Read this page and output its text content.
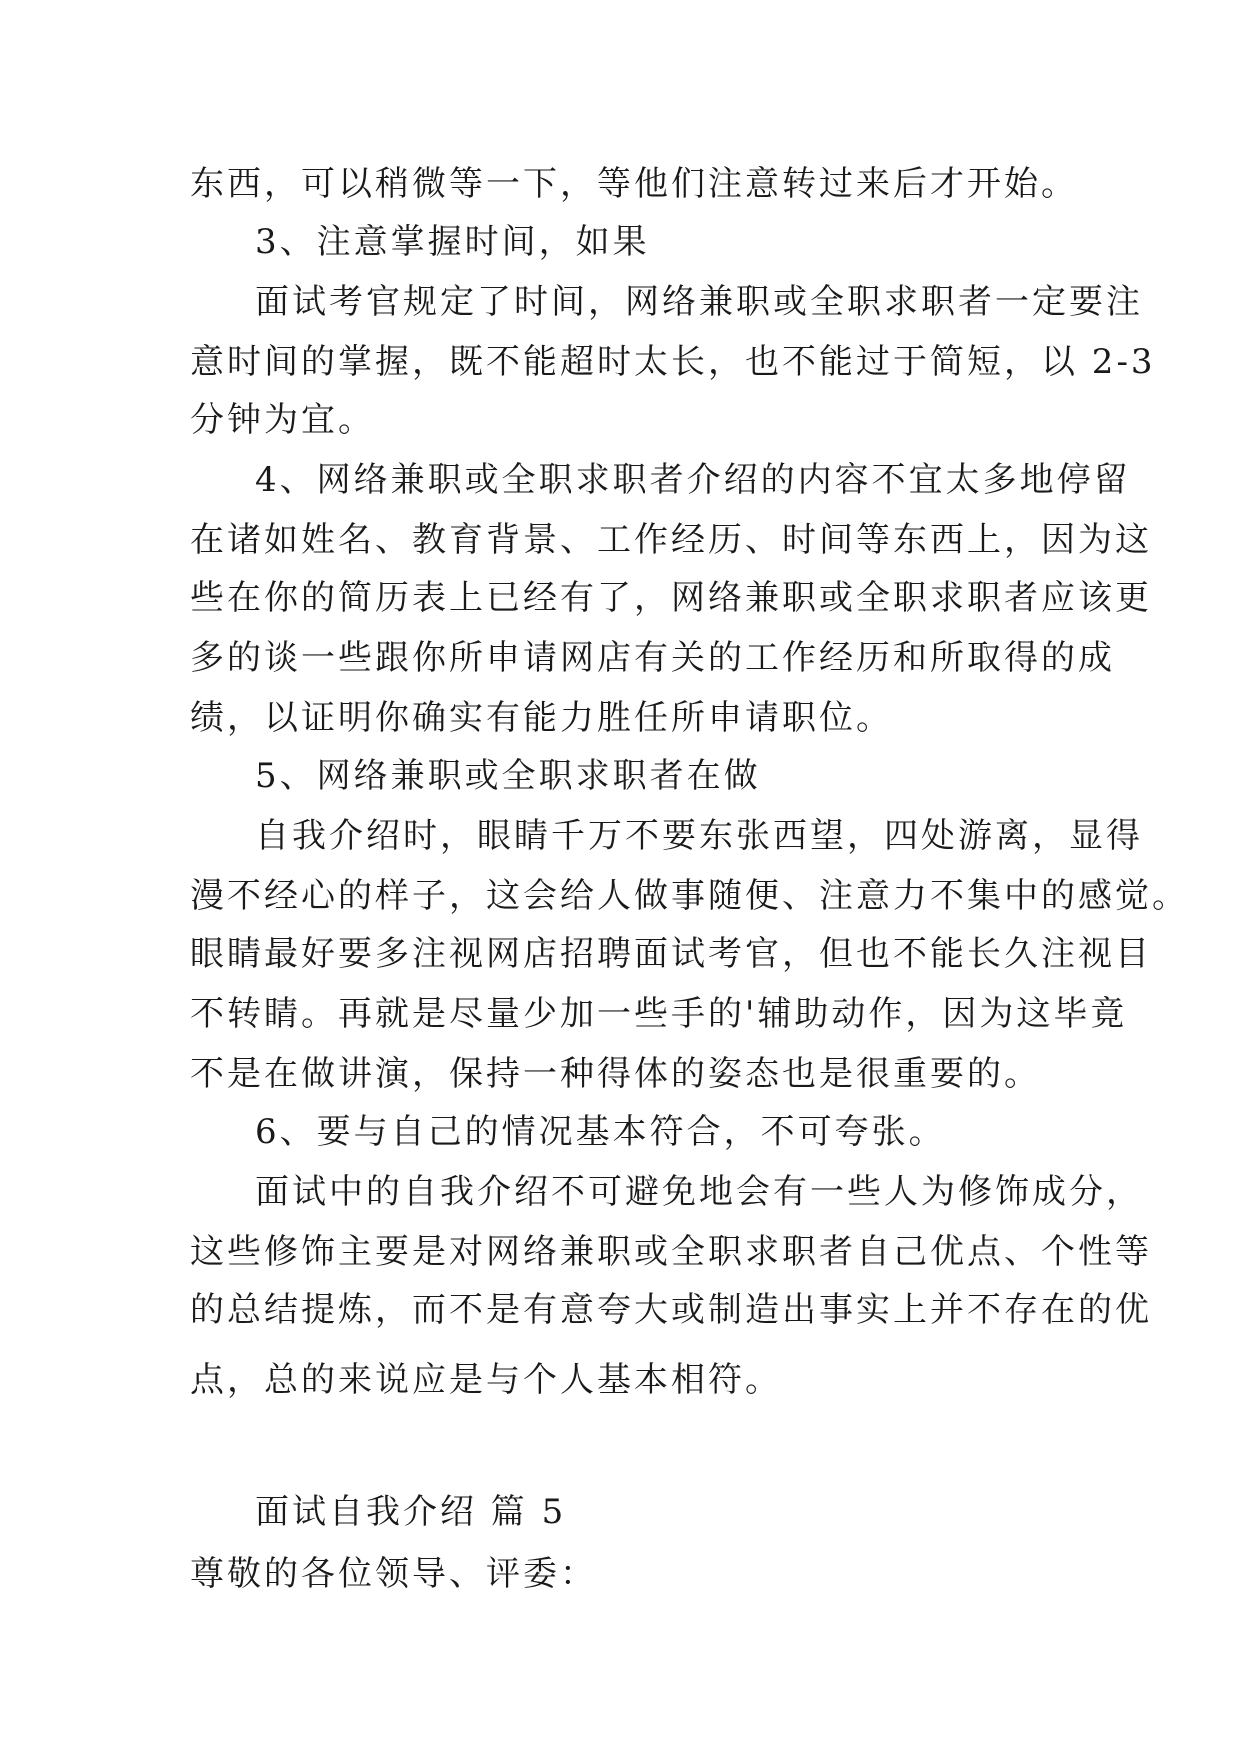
东西，可以稍微等一下，等他们注意转过来后才开始。
3、注意掌握时间，如果
面试考官规定了时间，网络兼职或全职求职者一定要注
意时间的掌握，既不能超时太长，也不能过于简短，以 2-3
分钟为宜。
4、网络兼职或全职求职者介绍的内容不宜太多地停留
在诸如姓名、教育背景、工作经历、时间等东西上，因为这
些在你的简历表上已经有了，网络兼职或全职求职者应该更
多的谈一些跟你所申请网店有关的工作经历和所取得的成
绩，以证明你确实有能力胜任所申请职位。
5、网络兼职或全职求职者在做
自我介绍时，眼睛千万不要东张西望，四处游离，显得
漫不经心的样子，这会给人做事随便、注意力不集中的感觉。
眼睛最好要多注视网店招聘面试考官，但也不能长久注视目
不转睛。再就是尽量少加一些手的'辅助动作，因为这毕竟
不是在做讲演，保持一种得体的姿态也是很重要的。
6、要与自己的情况基本符合，不可夸张。
面试中的自我介绍不可避免地会有一些人为修饰成分，
这些修饰主要是对网络兼职或全职求职者自己优点、个性等
的总结提炼，而不是有意夸大或制造出事实上并不存在的优
点，总的来说应是与个人基本相符。
面试自我介绍 篇 5
尊敬的各位领导、评委：
